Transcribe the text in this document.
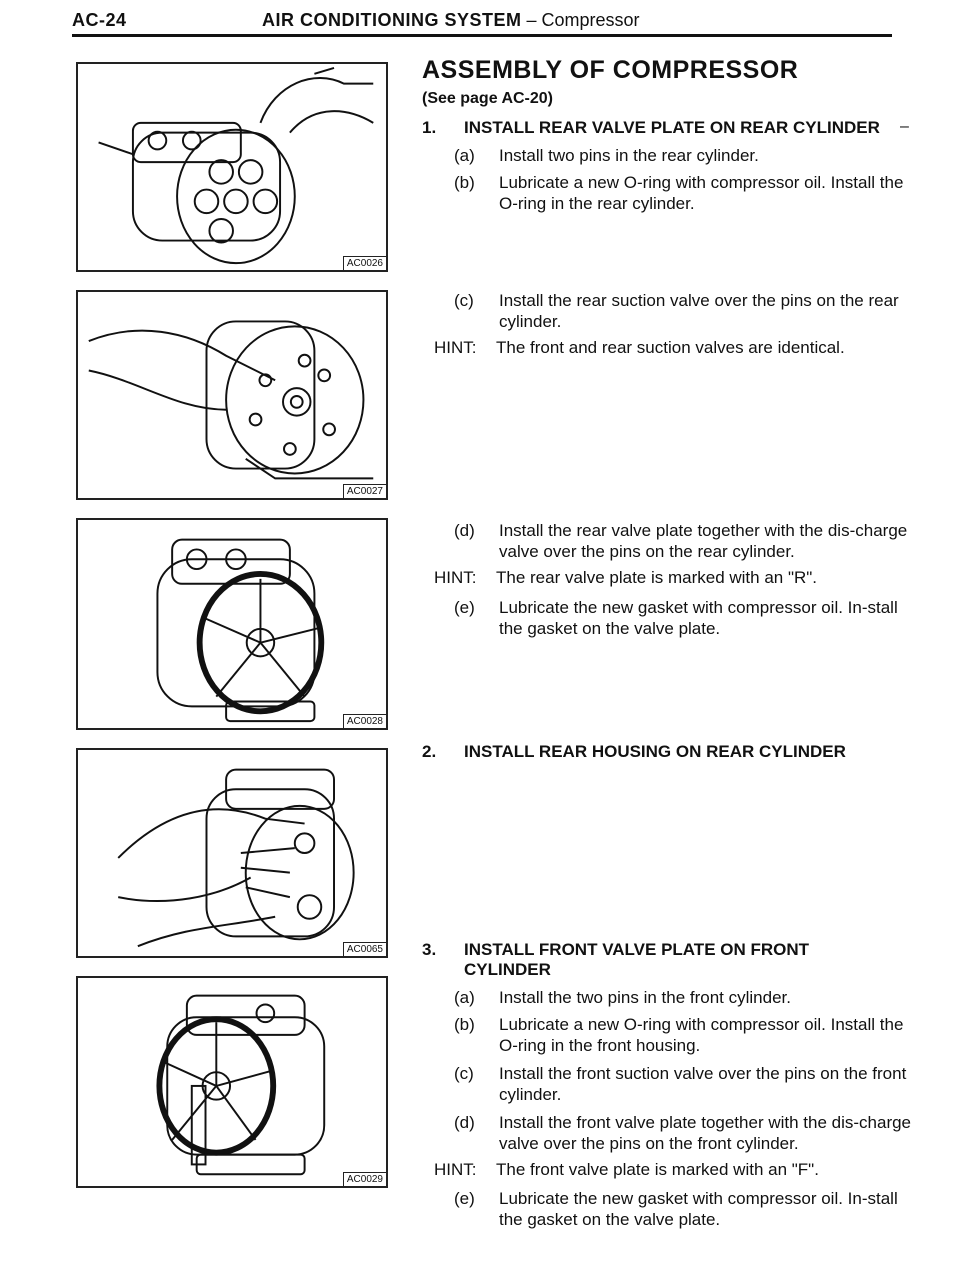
AC-24	AIR CONDITIONING SYSTEM – Compressor
AC0026
AC0027
AC0028
AC0065
AC0029
ASSEMBLY OF COMPRESSOR
(See page AC-20)
–
1. INSTALL REAR VALVE PLATE ON REAR CYLINDER
(a) Install two pins in the rear cylinder.
(b) Lubricate a new O-ring with compressor oil. Install the O-ring in the rear cylinder.
(c) Install the rear suction valve over the pins on the rear cylinder.
HINT: The front and rear suction valves are identical.
(d) Install the rear valve plate together with the dis-charge valve over the pins on the rear cylinder.
HINT: The rear valve plate is marked with an "R".
(e) Lubricate the new gasket with compressor oil. In-stall the gasket on the valve plate.
2. INSTALL REAR HOUSING ON REAR CYLINDER
3. INSTALL FRONT VALVE PLATE ON FRONT CYLINDER
(a) Install the two pins in the front cylinder.
(b) Lubricate a new O-ring with compressor oil. Install the O-ring in the front housing.
(c) Install the front suction valve over the pins on the front cylinder.
(d) Install the front valve plate together with the dis-charge valve over the pins on the front cylinder.
HINT: The front valve plate is marked with an "F".
(e) Lubricate the new gasket with compressor oil. In-stall the gasket on the valve plate.
